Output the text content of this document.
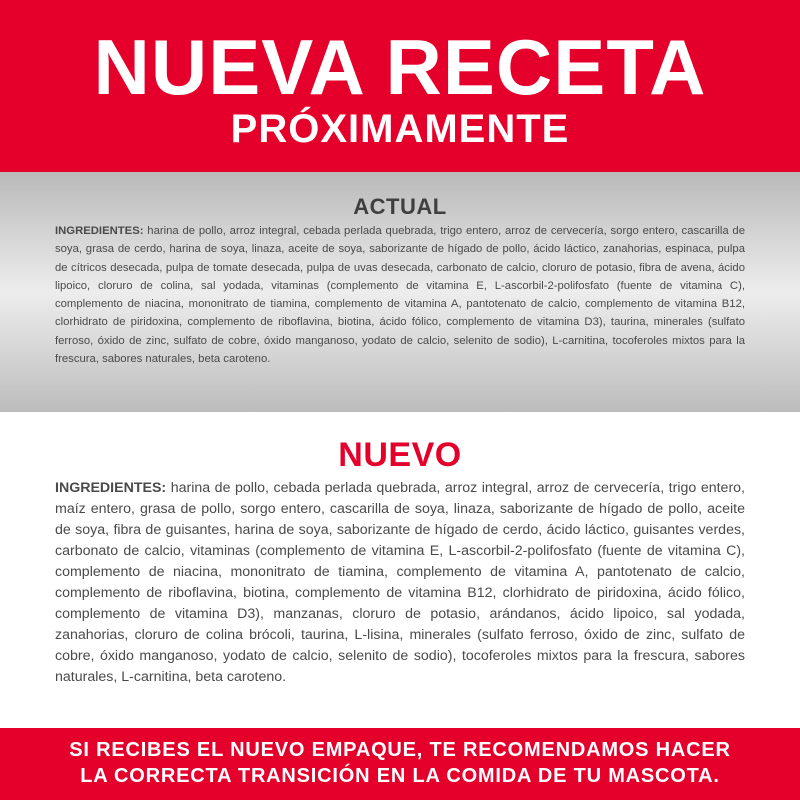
NUEVA RECETA
PRÓXIMAMENTE
ACTUAL
INGREDIENTES: harina de pollo, arroz integral, cebada perlada quebrada, trigo entero, arroz de cervecería, sorgo entero, cascarilla de soya, grasa de cerdo, harina de soya, linaza, aceite de soya, saborizante de hígado de pollo, ácido láctico, zanahorias, espinaca, pulpa de cítricos desecada, pulpa de tomate desecada, pulpa de uvas desecada, carbonato de calcio, cloruro de potasio, fibra de avena, ácido lipoico, cloruro de colina, sal yodada, vitaminas (complemento de vitamina E, L-ascorbil-2-polifosfato (fuente de vitamina C), complemento de niacina, mononitrato de tiamina, complemento de vitamina A, pantotenato de calcio, complemento de vitamina B12, clorhidrato de piridoxina, complemento de riboflavina, biotina, ácido fólico, complemento de vitamina D3), taurina, minerales (sulfato ferroso, óxido de zinc, sulfato de cobre, óxido manganoso, yodato de calcio, selenito de sodio), L-carnitina, tocoferoles mixtos para la frescura, sabores naturales, beta caroteno.
NUEVO
INGREDIENTES: harina de pollo, cebada perlada quebrada, arroz integral, arroz de cervecería, trigo entero, maíz entero, grasa de pollo, sorgo entero, cascarilla de soya, linaza, saborizante de hígado de pollo, aceite de soya, fibra de guisantes, harina de soya, saborizante de hígado de cerdo, ácido láctico, guisantes verdes, carbonato de calcio, vitaminas (complemento de vitamina E, L-ascorbil-2-polifosfato (fuente de vitamina C), complemento de niacina, mononitrato de tiamina, complemento de vitamina A, pantotenato de calcio, complemento de riboflavina, biotina, complemento de vitamina B12, clorhidrato de piridoxina, ácido fólico, complemento de vitamina D3), manzanas, cloruro de potasio, arándanos, ácido lipoico, sal yodada, zanahorias, cloruro de colina brócoli, taurina, L-lisina, minerales (sulfato ferroso, óxido de zinc, sulfato de cobre, óxido manganoso, yodato de calcio, selenito de sodio), tocoferoles mixtos para la frescura, sabores naturales, L-carnitina, beta caroteno.
SI RECIBES EL NUEVO EMPAQUE, TE RECOMENDAMOS HACER
LA CORRECTA TRANSICIÓN EN LA COMIDA DE TU MASCOTA.
